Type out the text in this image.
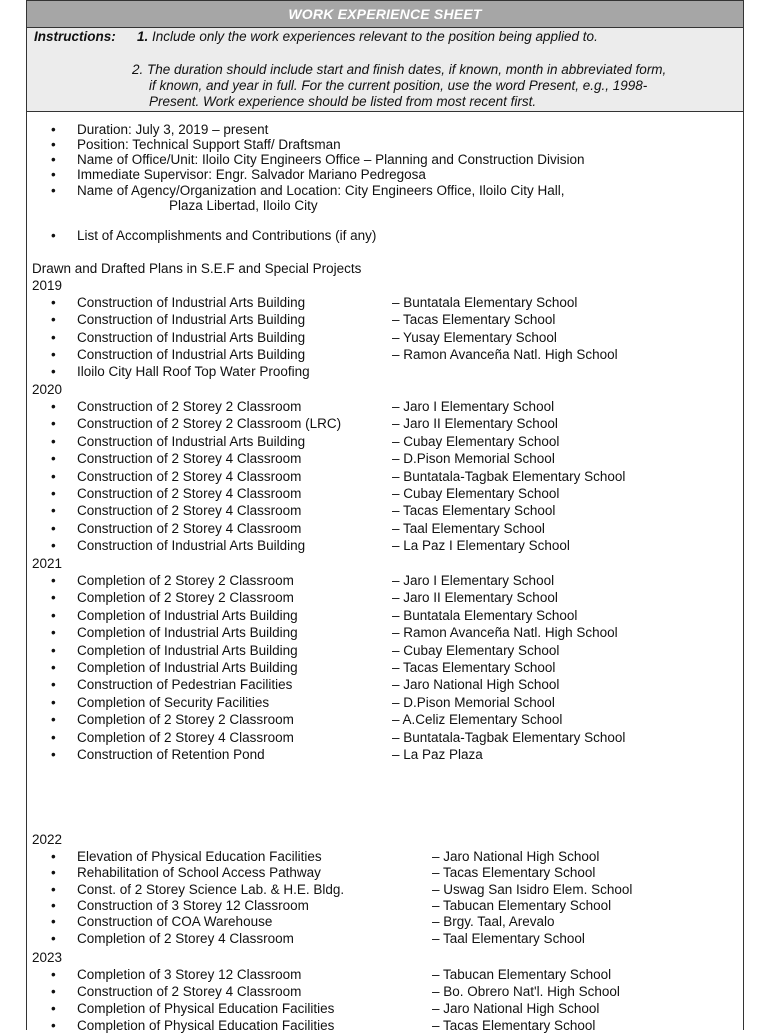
WORK EXPERIENCE SHEET
Instructions: 1. Include only the work experiences relevant to the position being applied to.
2. The duration should include start and finish dates, if known, month in abbreviated form,
if known, and year in full. For the current position, use the word Present, e.g., 1998-
Present. Work experience should be listed from most recent first.
Duration: July 3, 2019 – present
Position: Technical Support Staff/ Draftsman
Name of Office/Unit: Iloilo City Engineers Office – Planning and Construction Division
Immediate Supervisor: Engr. Salvador Mariano Pedregosa
Name of Agency/Organization and Location: City Engineers Office, Iloilo City Hall,
Plaza Libertad, Iloilo City
List of Accomplishments and Contributions (if any)
Drawn and Drafted Plans in S.E.F and Special Projects
2019
Construction of Industrial Arts Building	– Buntatala Elementary School
Construction of Industrial Arts Building	– Tacas Elementary School
Construction of Industrial Arts Building	– Yusay Elementary School
Construction of Industrial Arts Building	– Ramon Avanceña Natl. High School
Iloilo City Hall Roof Top Water Proofing
2020
Construction of 2 Storey 2 Classroom	– Jaro I Elementary School
Construction of 2 Storey 2 Classroom (LRC)	– Jaro II Elementary School
Construction of Industrial Arts Building	– Cubay Elementary School
Construction of 2 Storey 4 Classroom	– D.Pison Memorial School
Construction of 2 Storey 4 Classroom	– Buntatala-Tagbak Elementary School
Construction of 2 Storey 4 Classroom	– Cubay Elementary School
Construction of 2 Storey 4 Classroom	– Tacas Elementary School
Construction of 2 Storey 4 Classroom	– Taal Elementary School
Construction of Industrial Arts Building	– La Paz I Elementary School
2021
Completion of 2 Storey 2 Classroom	– Jaro I Elementary School
Completion of 2 Storey 2 Classroom	– Jaro II Elementary School
Completion of Industrial Arts Building	– Buntatala Elementary School
Completion of Industrial Arts Building	– Ramon Avanceña Natl. High School
Completion of Industrial Arts Building	– Cubay Elementary School
Completion of Industrial Arts Building	– Tacas Elementary School
Construction of Pedestrian Facilities	– Jaro National High School
Completion of Security Facilities	– D.Pison Memorial School
Completion of 2 Storey 2 Classroom	– A.Celiz Elementary School
Completion of 2 Storey 4 Classroom	– Buntatala-Tagbak Elementary School
Construction of Retention Pond	– La Paz Plaza
2022
Elevation of Physical Education Facilities	– Jaro National High School
Rehabilitation of School Access Pathway	– Tacas Elementary School
Const. of 2 Storey Science Lab. & H.E. Bldg.	– Uswag San Isidro Elem. School
Construction of 3 Storey 12 Classroom	– Tabucan Elementary School
Construction of COA Warehouse	– Brgy. Taal, Arevalo
Completion of 2 Storey 4 Classroom	– Taal Elementary School
2023
Completion of 3 Storey 12 Classroom	– Tabucan Elementary School
Construction of 2 Storey 4 Classroom	– Bo. Obrero Nat'l. High School
Completion of Physical Education Facilities	– Jaro National High School
Completion of Physical Education Facilities	– Tacas Elementary School
